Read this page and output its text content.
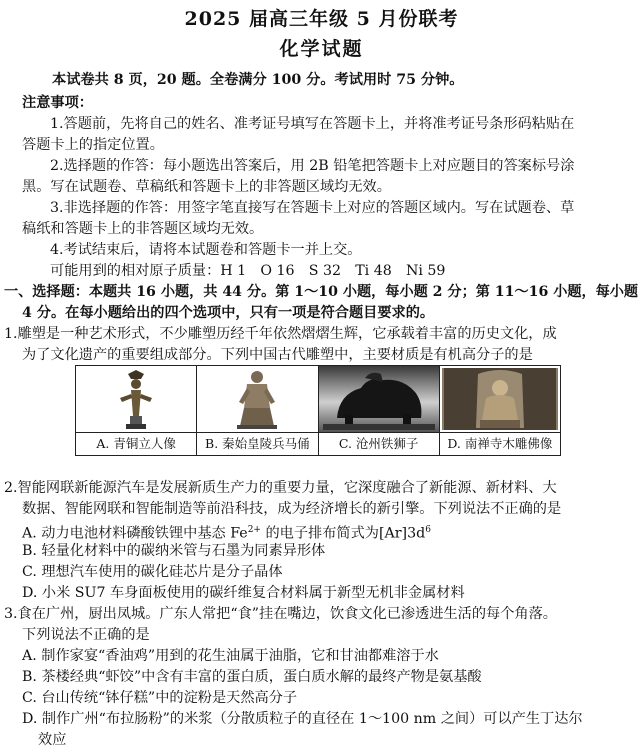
2025 届高三年级 5 月份联考
化学试题
本试卷共 8 页，20 题。全卷满分 100 分。考试用时 75 分钟。
注意事项：
1.答题前，先将自己的姓名、准考证号填写在答题卡上，并将准考证号条形码粘贴在
答题卡上的指定位置。
2.选择题的作答：每小题选出答案后，用 2B 铅笔把答题卡上对应题目的答案标号涂
黑。写在试题卷、草稿纸和答题卡上的非答题区域均无效。
3.非选择题的作答：用签字笔直接写在答题卡上对应的答题区域内。写在试题卷、草
稿纸和答题卡上的非答题区域均无效。
4.考试结束后，请将本试题卷和答题卡一并上交。
可能用到的相对原子质量：H 1　O 16　S 32　Ti 48　Ni 59
一、选择题：本题共 16 小题，共 44 分。第 1～10 小题，每小题 2 分；第 11～16 小题，每小题
4 分。在每小题给出的四个选项中，只有一项是符合题目要求的。
1.雕塑是一种艺术形式，不少雕塑历经千年依然熠熠生辉，它承载着丰富的历史文化，成
为了文化遗产的重要组成部分。下列中国古代雕塑中，主要材质是有机高分子的是
A. 青铜立人像	B. 秦始皇陵兵马俑	C. 沧州铁狮子	D. 南禅寺木雕佛像
2.智能网联新能源汽车是发展新质生产力的重要力量，它深度融合了新能源、新材料、大
数据、智能网联和智能制造等前沿科技，成为经济增长的新引擎。下列说法不正确的是
A. 动力电池材料磷酸铁锂中基态 $Fe^{2+}$ 的电子排布简式为$[Ar]3d^6$
B. 轻量化材料中的碳纳米管与石墨为同素异形体
C. 理想汽车使用的碳化硅芯片是分子晶体
D. 小米 SU7 车身面板使用的碳纤维复合材料属于新型无机非金属材料
3.食在广州，厨出凤城。广东人常把“食”挂在嘴边，饮食文化已渗透进生活的每个角落。
下列说法不正确的是
A. 制作家宴“香油鸡”用到的花生油属于油脂，它和甘油都难溶于水
B. 茶楼经典“虾饺”中含有丰富的蛋白质，蛋白质水解的最终产物是氨基酸
C. 台山传统“钵仔糕”中的淀粉是天然高分子
D. 制作广州“布拉肠粉”的米浆（分散质粒子的直径在 1～100 nm 之间）可以产生丁达尔
效应
